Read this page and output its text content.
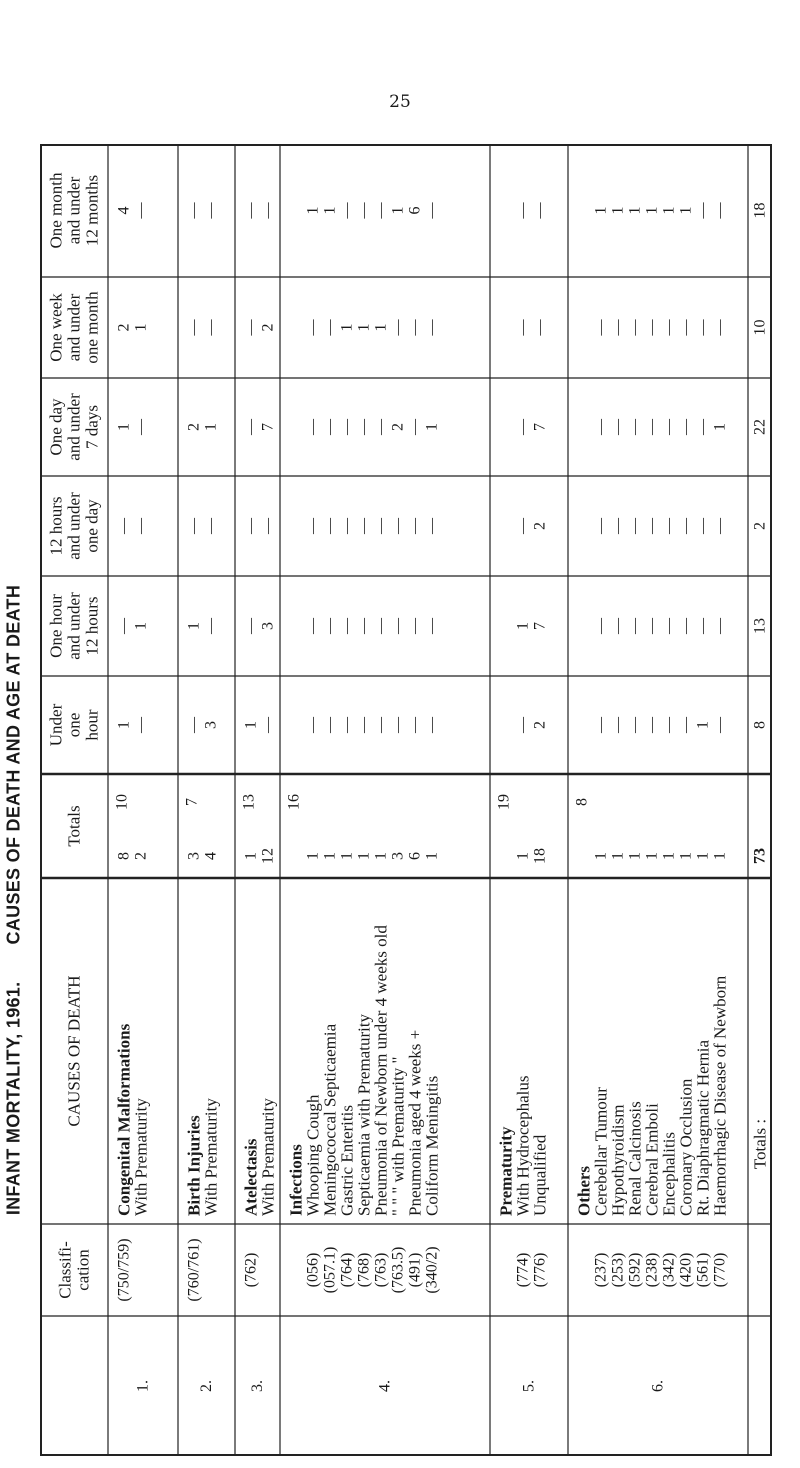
25
INFANT MORTALITY, 1961.       CAUSES OF DEATH AND AGE AT DEATH Under one hour
One hour and under 12 hours
12 hours and under one day
One day and under 7 days
One week and under one month
One month and under 12 months
Totals
CAUSES OF DEATH
Classifi- cation
1.
10
(750/759)
Congenital Malformations
8
1
—
—
1
2
4
With Prematurity
2
—
1
—
—
1
—
2.
7
(760/761)
Birth Injuries
3
—
1
—
2
—
—
With Prematurity
4
3
—
—
1
—
—
3.
13
(762)
Atelectasis
1
1
—
—
—
—
—
With Prematurity
12
—
3
—
7
2
—
4.
16
Infections
(056)
Whooping Cough
1
—
—
—
—
—
1
(057.1)
Meningococcal Septicaemia
1
—
—
—
—
—
1
(764)
Gastric Enteritis
1
—
—
—
—
1
—
(768)
Septicaemia with Prematurity
1
—
—
—
—
1
—
(763)
Pneumonia of Newborn under 4 weeks old
1
—
—
—
—
1
—
(763.5)
" " " with Prematurity "
3
—
—
—
2
—
1
(491)
Pneumonia aged 4 weeks +
6
—
—
—
—
—
6
(340/2)
Coliform Meningitis
1
—
—
—
1
—
—
5.
19
Prematurity
(774)
With Hydrocephalus
1
—
1
—
—
—
—
(776)
Unqualified
18
2
7
2
7
—
—
6.
8
Others
(237)
Cerebellar Tumour
1
—
—
—
—
—
1
(253)
Hypothyroidism
1
—
—
—
—
—
1
(592)
Renal Calcinosis
1
—
—
—
—
—
1
(238)
Cerebral Emboli
1
—
—
—
—
—
1
(342)
Encephalitis
1
—
—
—
—
—
1
(420)
Coronary Occlusion
1
—
—
—
—
—
1
(561)
Rt. Diaphragmatic Hernia
1
1
—
—
—
—
—
(770)
Haemorrhagic Disease of Newborn
1
—
—
—
1
—
—
Totals :
73
8
13
2
22
10
18
